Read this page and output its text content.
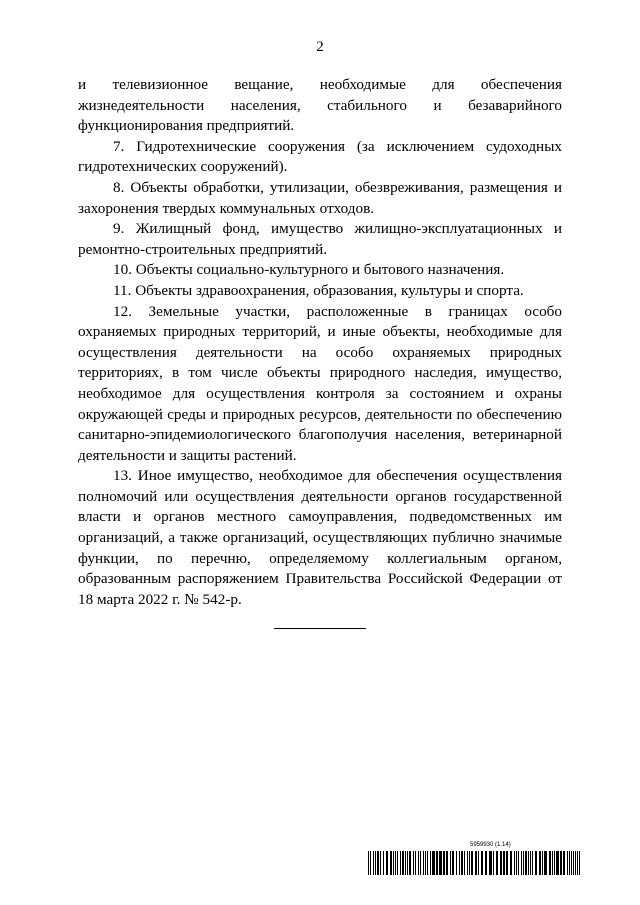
2

и телевизионное вещание, необходимые для обеспечения жизнедеятельности населения, стабильного и безаварийного функционирования предприятий.

7. Гидротехнические сооружения (за исключением судоходных гидротехнических сооружений).

8. Объекты обработки, утилизации, обезвреживания, размещения и захоронения твердых коммунальных отходов.

9. Жилищный фонд, имущество жилищно-эксплуатационных и ремонтно-строительных предприятий.

10. Объекты социально-культурного и бытового назначения.

11. Объекты здравоохранения, образования, культуры и спорта.

12. Земельные участки, расположенные в границах особо охраняемых природных территорий, и иные объекты, необходимые для осуществления деятельности на особо охраняемых природных территориях, в том числе объекты природного наследия, имущество, необходимое для осуществления контроля за состоянием и охраны окружающей среды и природных ресурсов, деятельности по обеспечению санитарно-эпидемиологического благополучия населения, ветеринарной деятельности и защиты растений.

13. Иное имущество, необходимое для обеспечения осуществления полномочий или осуществления деятельности органов государственной власти и органов местного самоуправления, подведомственных им организаций, а также организаций, осуществляющих публично значимые функции, по перечню, определяемому коллегиальным органом, образованным распоряжением Правительства Российской Федерации от 18 марта 2022 г. № 542-р.

5959930 (1.14)
